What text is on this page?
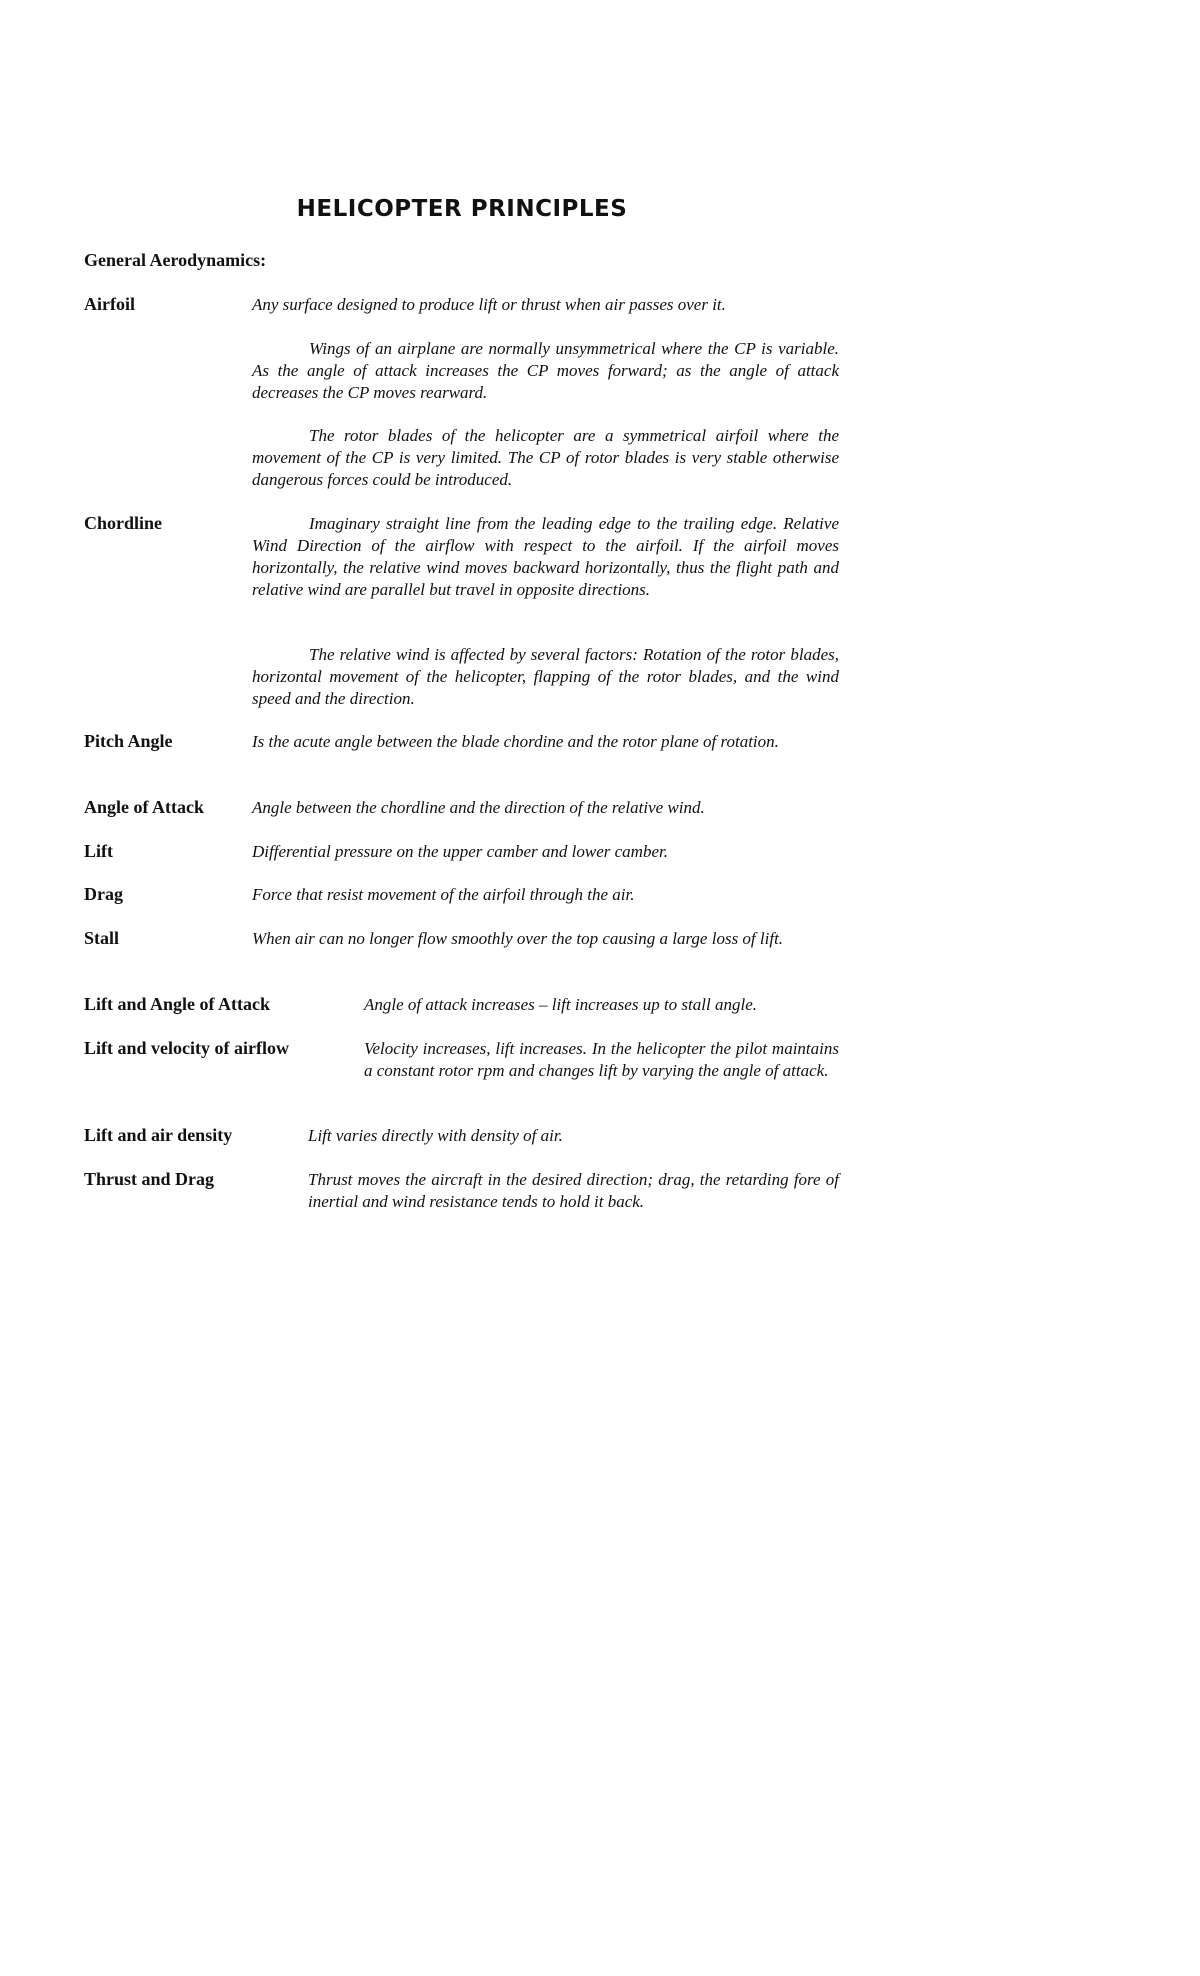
HELICOPTER PRINCIPLES

General Aerodynamics:

Airfoil	Any surface designed to produce lift or thrust when air passes over it.

Wings of an airplane are normally unsymmetrical where the CP is variable. As the angle of attack increases the CP moves forward; as the angle of attack decreases the CP moves rearward.

The rotor blades of the helicopter are a symmetrical airfoil where the movement of the CP is very limited. The CP of rotor blades is very stable otherwise dangerous forces could be introduced.

Chordline	Imaginary straight line from the leading edge to the trailing edge. Relative Wind Direction of the airflow with respect to the airfoil. If the airfoil moves horizontally, the relative wind moves backward horizontally, thus the flight path and relative wind are parallel but travel in opposite directions.

The relative wind is affected by several factors: Rotation of the rotor blades, horizontal movement of the helicopter, flapping of the rotor blades, and the wind speed and the direction.

Pitch Angle	Is the acute angle between the blade chordine and the rotor plane of rotation.

Angle of Attack	Angle between the chordline and the direction of the relative wind.

Lift	Differential pressure on the upper camber and lower camber.

Drag	Force that resist movement of the airfoil through the air.

Stall	When air can no longer flow smoothly over the top causing a large loss of lift.

Lift and Angle of Attack	Angle of attack increases – lift increases up to stall angle.

Lift and velocity of airflow	Velocity increases, lift increases. In the helicopter the pilot maintains a constant rotor rpm and changes lift by varying the angle of attack.

Lift and air density	Lift varies directly with density of air.

Thrust and Drag	Thrust moves the aircraft in the desired direction; drag, the retarding fore of inertial and wind resistance tends to hold it back.
